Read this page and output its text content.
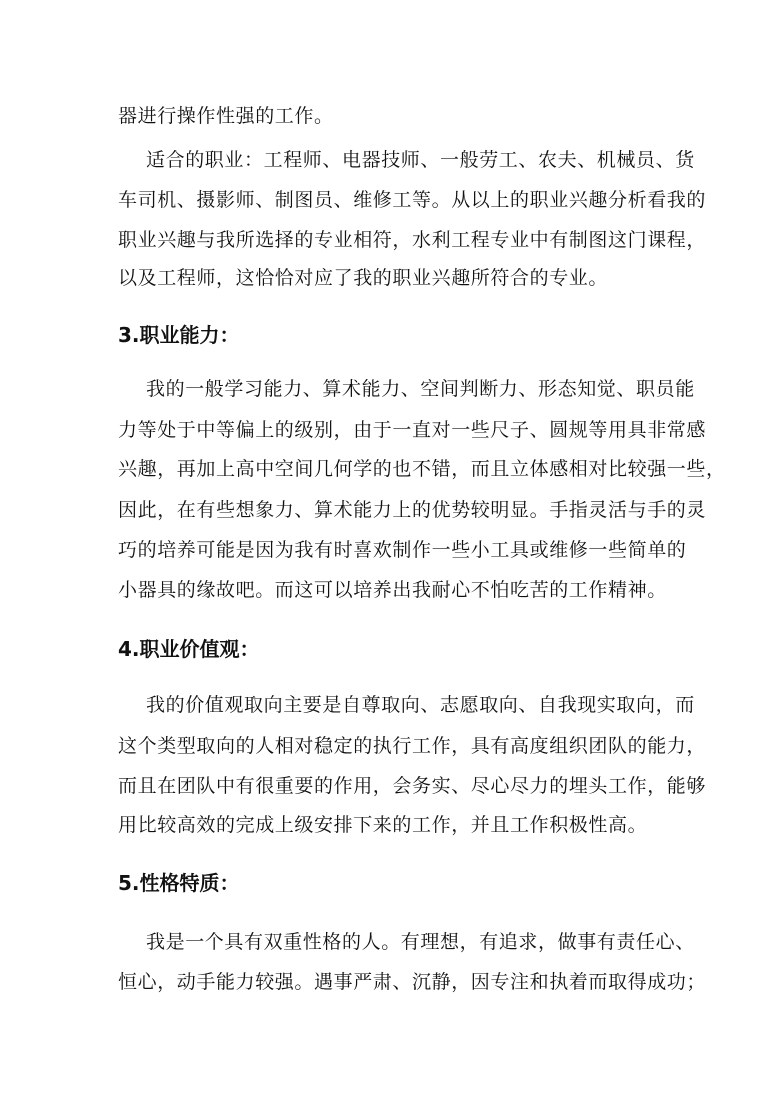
器进行操作性强的工作。
适合的职业：工程师、电器技师、一般劳工、农夫、机械员、货
车司机、摄影师、制图员、维修工等。从以上的职业兴趣分析看我的
职业兴趣与我所选择的专业相符，水利工程专业中有制图这门课程，
以及工程师，这恰恰对应了我的职业兴趣所符合的专业。
3.职业能力：
我的一般学习能力、算术能力、空间判断力、形态知觉、职员能
力等处于中等偏上的级别，由于一直对一些尺子、圆规等用具非常感
兴趣，再加上高中空间几何学的也不错，而且立体感相对比较强一些，
因此，在有些想象力、算术能力上的优势较明显。手指灵活与手的灵
巧的培养可能是因为我有时喜欢制作一些小工具或维修一些简单的
小器具的缘故吧。而这可以培养出我耐心不怕吃苦的工作精神。
4.职业价值观：
我的价值观取向主要是自尊取向、志愿取向、自我现实取向，而
这个类型取向的人相对稳定的执行工作，具有高度组织团队的能力，
而且在团队中有很重要的作用，会务实、尽心尽力的埋头工作，能够
用比较高效的完成上级安排下来的工作，并且工作积极性高。
5.性格特质：
我是一个具有双重性格的人。有理想，有追求，做事有责任心、
恒心，动手能力较强。遇事严肃、沉静，因专注和执着而取得成功；
